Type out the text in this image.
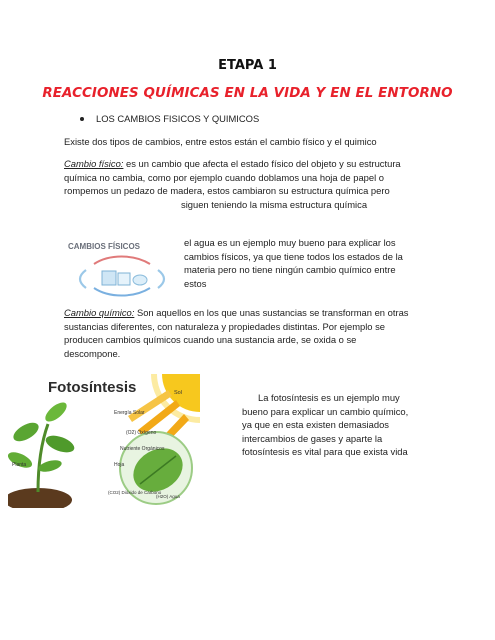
ETAPA 1
REACCIONES QUÍMICAS EN LA VIDA Y EN EL ENTORNO
LOS CAMBIOS FISICOS Y QUIMICOS

Existe dos tipos de cambios, entre estos están el cambio físico y el quimico

Cambio físico: es un cambio que afecta el estado físico del objeto y su estructura
química no cambia, como por ejemplo cuando doblamos una hoja de papel o
rompemos un pedazo de madera, estos cambiaron su estructura química pero

siguen teniendo la misma estructura química
CAMBIOS FÍSICOS	el agua es un ejemplo muy bueno para explicar los
cambios físicos, ya que tiene todos los estados de la
materia pero no tiene ningún cambio químico entre
estos
Cambio químico: Son aquellos en los que unas sustancias se transforman en otras
sustancias diferentes, con naturaleza y propiedades distintas. Por ejemplo se
producen cambios químicos cuando una sustancia arde, se oxida o se
descompone.
Fotosíntesis	Sol
Energía Solar
(O2) Oxígeno
Nutriente Orgánicos
Hoja
Planta
(CO2) Dióxido de Carbono
(H2O) Agua
La fotosíntesis es un ejemplo muy
bueno para explicar un cambio químico,
ya que en esta existen demasiados
intercambios de gases y aparte la
fotosíntesis es vital para que exista vida
